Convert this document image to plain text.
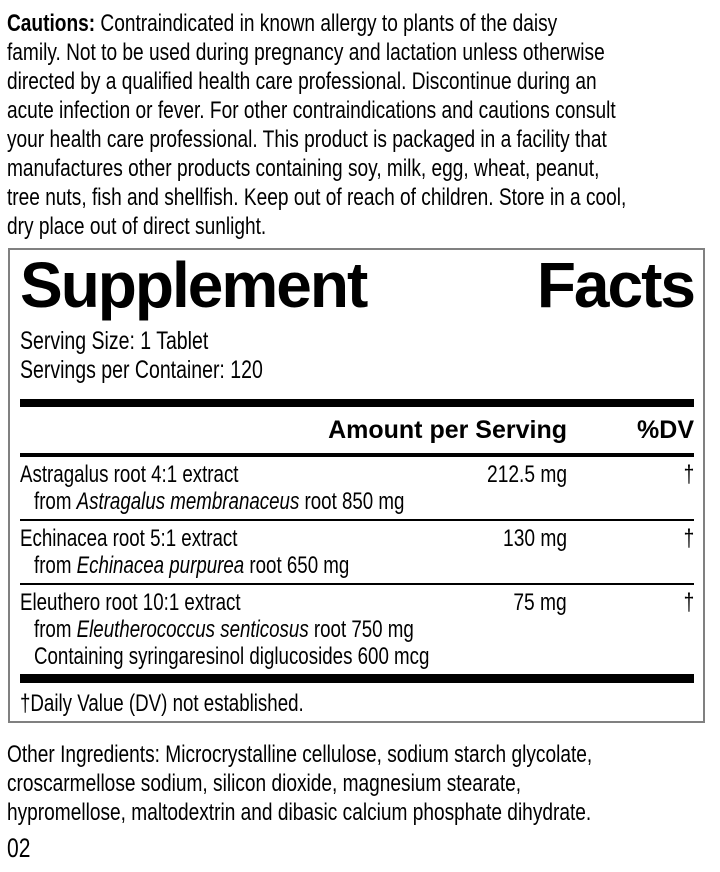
Cautions: Contraindicated in known allergy to plants of the daisy
family. Not to be used during pregnancy and lactation unless otherwise
directed by a qualified health care professional. Discontinue during an
acute infection or fever. For other contraindications and cautions consult
your health care professional. This product is packaged in a facility that
manufactures other products containing soy, milk, egg, wheat, peanut,
tree nuts, fish and shellfish. Keep out of reach of children. Store in a cool,
dry place out of direct sunlight.
Supplement	Facts
Serving Size: 1 Tablet
Servings per Container: 120
Amount per Serving	%DV
Astragalus root 4:1 extract	212.5 mg	†
from Astragalus membranaceus root 850 mg
Echinacea root 5:1 extract	130 mg	†
from Echinacea purpurea root 650 mg
Eleuthero root 10:1 extract	75 mg	†
from Eleutherococcus senticosus root 750 mg
Containing syringaresinol diglucosides 600 mcg
†Daily Value (DV) not established.
Other Ingredients: Microcrystalline cellulose, sodium starch glycolate,
croscarmellose sodium, silicon dioxide, magnesium stearate,
hypromellose, maltodextrin and dibasic calcium phosphate dihydrate.
02
